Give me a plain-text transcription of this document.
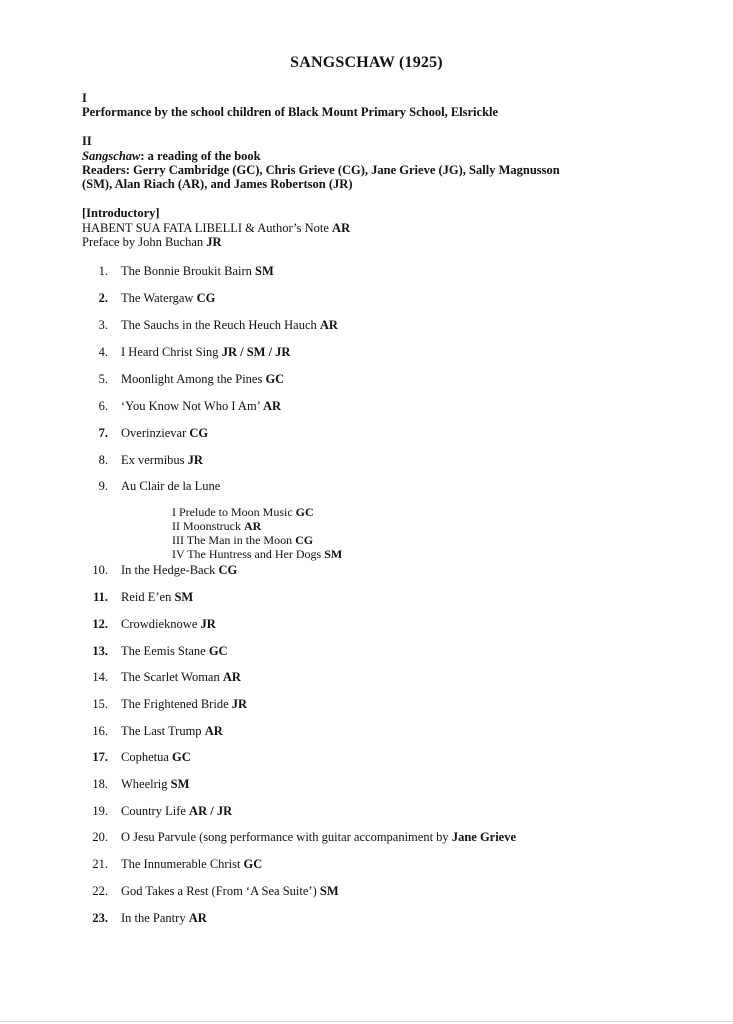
SANGSCHAW (1925)
I
Performance by the school children of Black Mount Primary School, Elsrickle
II
Sangschaw: a reading of the book
Readers: Gerry Cambridge (GC), Chris Grieve (CG), Jane Grieve (JG), Sally Magnusson
(SM), Alan Riach (AR), and James Robertson (JR)
[Introductory]
HABENT SUA FATA LIBELLI & Author’s Note AR
Preface by John Buchan JR
1. The Bonnie Broukit Bairn SM
2. The Watergaw CG
3. The Sauchs in the Reuch Heuch Hauch AR
4. I Heard Christ Sing JR / SM / JR
5. Moonlight Among the Pines GC
6. ‘You Know Not Who I Am’ AR
7. Overinzievar CG
8. Ex vermibus JR
9. Au Clair de la Lune
I Prelude to Moon Music GC
II Moonstruck AR
III The Man in the Moon CG
IV The Huntress and Her Dogs SM
10. In the Hedge-Back CG
11. Reid E’en SM
12. Crowdieknowe JR
13. The Eemis Stane GC
14. The Scarlet Woman AR
15. The Frightened Bride JR
16. The Last Trump AR
17. Cophetua GC
18. Wheelrig SM
19. Country Life AR / JR
20. O Jesu Parvule (song performance with guitar accompaniment by Jane Grieve
21. The Innumerable Christ GC
22. God Takes a Rest (From ‘A Sea Suite’) SM
23. In the Pantry AR
